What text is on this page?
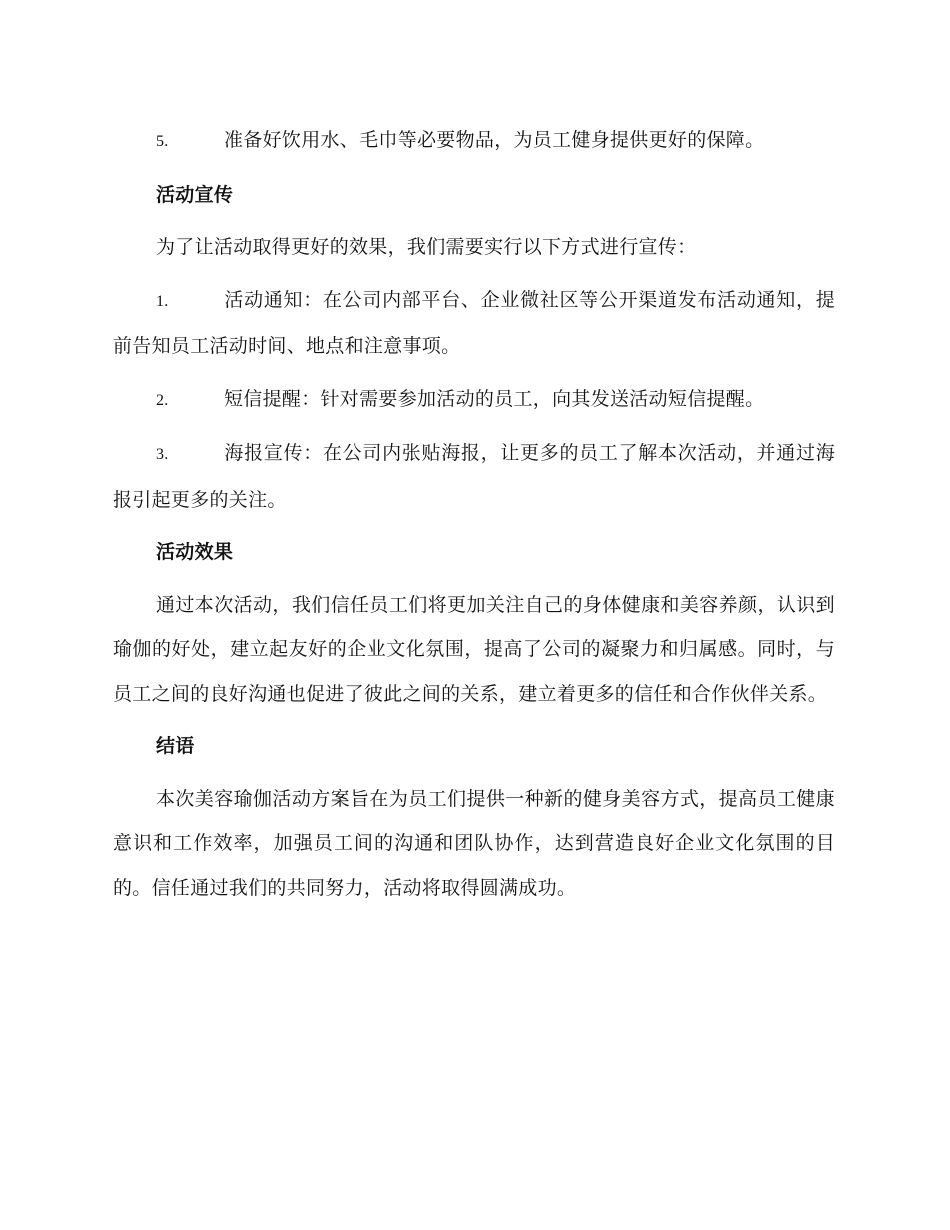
5.	准备好饮用水、毛巾等必要物品，为员工健身提供更好的保障。
活动宣传
为了让活动取得更好的效果，我们需要实行以下方式进行宣传：
1.	活动通知：在公司内部平台、企业微社区等公开渠道发布活动通知，提前告知员工活动时间、地点和注意事项。
2.	短信提醒：针对需要参加活动的员工，向其发送活动短信提醒。
3.	海报宣传：在公司内张贴海报，让更多的员工了解本次活动，并通过海报引起更多的关注。
活动效果
通过本次活动，我们信任员工们将更加关注自己的身体健康和美容养颜，认识到瑜伽的好处，建立起友好的企业文化氛围，提高了公司的凝聚力和归属感。同时，与员工之间的良好沟通也促进了彼此之间的关系，建立着更多的信任和合作伙伴关系。
结语
本次美容瑜伽活动方案旨在为员工们提供一种新的健身美容方式，提高员工健康意识和工作效率，加强员工间的沟通和团队协作，达到营造良好企业文化氛围的目的。信任通过我们的共同努力，活动将取得圆满成功。
